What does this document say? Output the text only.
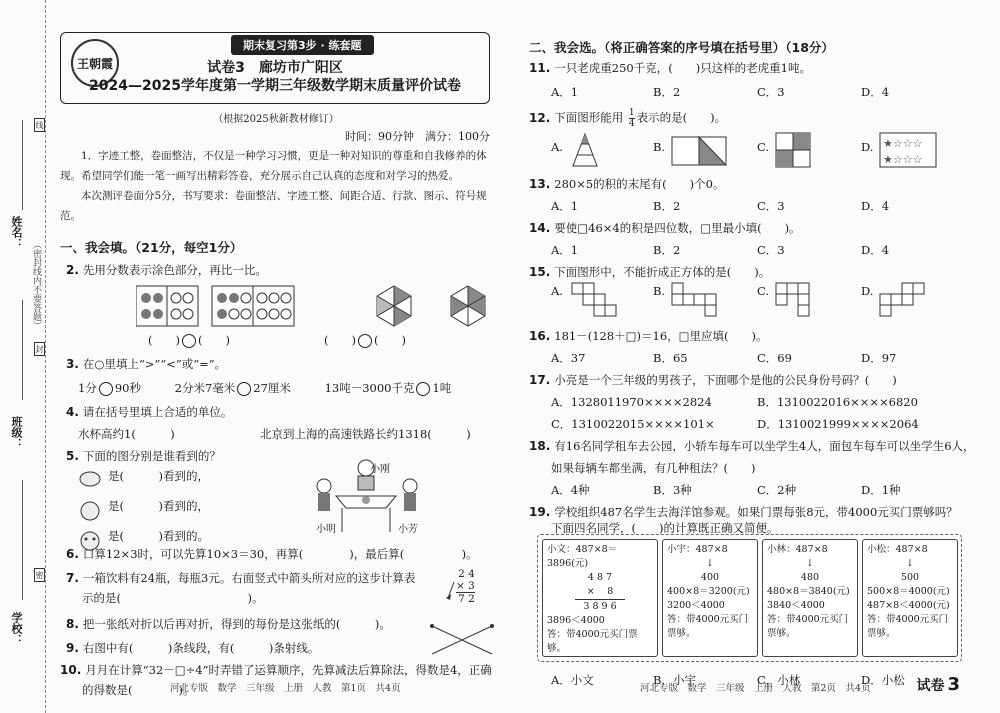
姓名：
（密封线内不要答题）
班级：
学校：
线
封
密
王朝霞
期末复习第3步 · 练套题
试卷3　廊坊市广阳区
2024—2025学年度第一学期三年级数学期末质量评价试卷
（根据2025秋新教材修订）
时间：90分钟　满分：100分

1．字迹工整，卷面整洁，不仅是一种学习习惯，更是一种对知识的尊重和自我修养的体现。希望同学们能一笔一画写出精彩答卷，充分展示自己认真的态度和对学习的热爱。

本次测评卷面分5分，书写要求：卷面整洁、字迹工整、间距合适、行款、图示、符号规范。

一、我会填。（21分，每空1分）
2. 先用分数表示涂色部分，再比一比。
(　　) (　　)	(　　) (　　)
3. 在○里填上“>”“<”或“=”。
1分 90秒	2分米7毫米 27厘米	13吨－3000千克 1吨
4. 请在括号里填上合适的单位。
水杯高约1(　　　)	北京到上海的高速铁路长约1318(　　　)
5. 下面的图分别是谁看到的？
是(　　　)看到的，
是(　　　)看到的，
是(　　　)看到的。
小刚
小明	小芳
6. 口算12×3时，可以先算10×3＝30，再算(　　　　)，最后算(　　　　　)。
7. 一箱饮料有24瓶，每瓶3元。右面竖式中箭头所对应的这步计算表
示的是(　　　　　　　　　　　)。
2 4
× 3
7 2
8. 把一张纸对折以后再对折，得到的每份是这张纸的(　　　)。
9. 右图中有(　　　)条线段，有(　　　)条射线。
10. 月月在计算“32－□÷4”时弄错了运算顺序，先算减法后算除法，得数是4，正确
的得数是(　　　　)。
二、我会选。（将正确答案的序号填在括号里）（18分）
11. 一只老虎重250千克，(　　)只这样的老虎重1吨。
A．1	B．2	C．3	D．4
12. 下面图形能用 $\frac{1}{4}$ 表示的是(　　)。
A.	B.	C.	D. ★☆☆☆
★☆☆☆
13. 280×5的积的末尾有(　　)个0。
A．1	B．2	C．3	D．4
14. 要使□46×4的积是四位数，□里最小填(　　)。
A．1	B．2	C．3	D．4
15. 下面图形中，不能折成正方体的是(　　)。
A.	B.	C.	D.
16. 181－(128＋□)＝16，□里应填(　　)。
A．37	B．65	C．69	D．97
17. 小亮是一个三年级的男孩子，下面哪个是他的公民身份号码？(　　)
A．1328011970××××2824	B．1310022016××××6820
C．1310022015××××101×	D．1310021999××××2064
18. 有16名同学租车去公园，小轿车每车可以坐学生4人，面包车每车可以坐学生6人，
如果每辆车都坐满，有几种租法？(　　)
A．4种	B．3种	C．2种	D．1种
19. 学校组织487名学生去海洋馆参观。如果门票每张8元，带4000元买门票够吗？
下面四名同学，(　　)的计算既正确又简便。
小文：487×8＝3896(元)
4 8 7
×　 8
3 8 9 6
3896＜4000
答：带4000元买门票够。
小宇：487×8
↓
400
400×8＝3200(元)
3200＜4000
答：带4000元买门
票够。
小林：487×8
↓
480
480×8＝3840(元)
3840＜4000
答：带4000元买门
票够。
小松：487×8
↓
500
500×8＝4000(元)
487×8＜4000(元)
答：带4000元买门
票够。
A．小文	B．小宇	C．小林	D．小松
河北专版　数学　三年级　上册　人教　第1页　共4页	河北专版　数学　三年级　上册　人教　第2页　共4页	试卷 3
